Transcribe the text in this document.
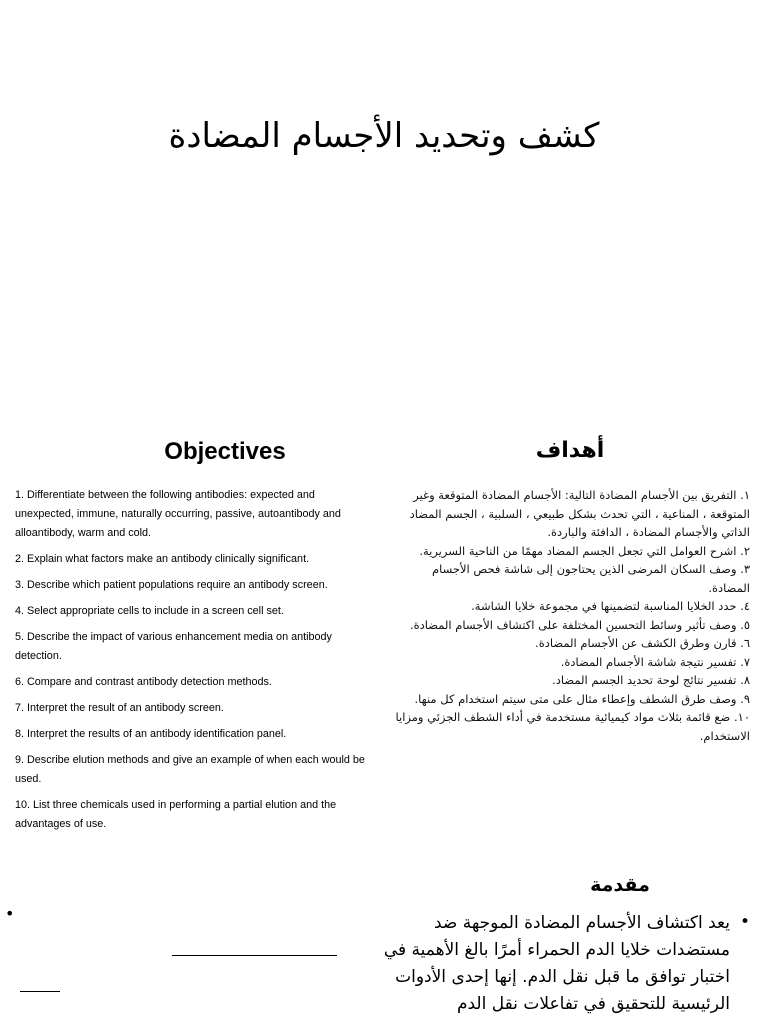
كشف وتحديد الأجسام المضادة
Objectives	أهداف
1. Differentiate between the following antibodies: expected and unexpected, immune, naturally occurring, passive, autoantibody and alloantibody, warm and cold.
2. Explain what factors make an antibody clinically significant.
3. Describe which patient populations require an antibody screen.
4. Select appropriate cells to include in a screen cell set.
5. Describe the impact of various enhancement media on antibody detection.
6. Compare and contrast antibody detection methods.
7. Interpret the result of an antibody screen.
8. Interpret the results of an antibody identification panel.
9. Describe elution methods and give an example of when each would be used.
10. List three chemicals used in performing a partial elution and the advantages of use.
١. التفريق بين الأجسام المضادة التالية: الأجسام المضادة المتوقعة وغير المتوقعة ، المناعية ، التي تحدث بشكل طبيعي ، السلبية ، الجسم المضاد الذاتي والأجسام المضادة ، الدافئة والباردة.
٢. اشرح العوامل التي تجعل الجسم المضاد مهمًا من الناحية السريرية.
٣. وصف السكان المرضى الذين يحتاجون إلى شاشة فحص الأجسام المضادة.
٤. حدد الخلايا المناسبة لتضمينها في مجموعة خلايا الشاشة.
٥. وصف تأثير وسائط التحسين المختلفة على اكتشاف الأجسام المضادة.
٦. قارن وطرق الكشف عن الأجسام المضادة.
٧. تفسير نتيجة شاشة الأجسام المضادة.
٨. تفسير نتائج لوحة تحديد الجسم المضاد.
٩. وصف طرق الشطف وإعطاء مثال على متى سيتم استخدام كل منها.
١٠. ضع قائمة بثلاث مواد كيميائية مستخدمة في أداء الشطف الجزئي ومزايا الاستخدام.
مقدمة
•

يعد اكتشاف الأجسام المضادة الموجهة ضد مستضدات خلايا الدم الحمراء أمرًا بالغ الأهمية في اختبار توافق ما قبل نقل الدم. إنها إحدى الأدوات الرئيسية للتحقيق في تفاعلات نقل الدم

•
